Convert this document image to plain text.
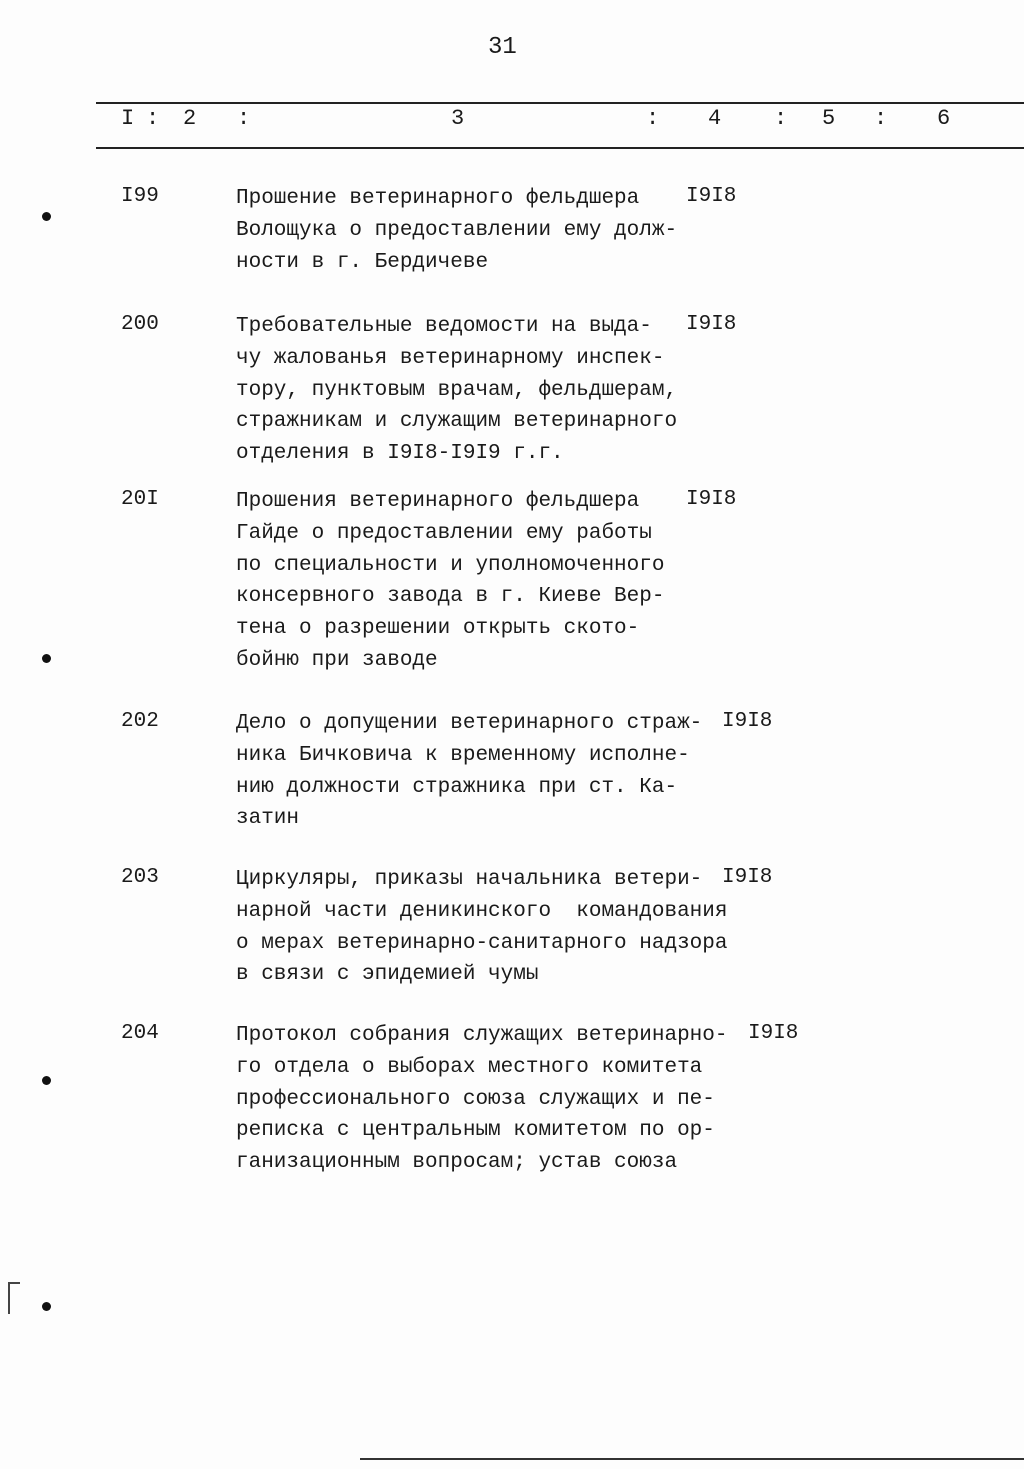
31
I : 2 :	3	: 4 : 5 : 6
I99	Прошение ветеринарного фельдшера
Волощука о предоставлении ему долж-
ности в г. Бердичеве
I9I8
200	Требовательные ведомости на выда-
чу жалованья ветеринарному инспек-
тору, пунктовым врачам, фельдшерам,
стражникам и служащим ветеринарного
отделения в I9I8-I9I9 г.г.
I9I8
20I	Прошения ветеринарного фельдшера
Гайде о предоставлении ему работы
по специальности и уполномоченного
консервного завода в г. Киеве Вер-
тена о разрешении открыть ското-
бойню при заводе
I9I8
202	Дело о допущении ветеринарного страж-
ника Бичковича к временному исполне-
нию должности стражника при ст. Ка-
затин
I9I8
203	Циркуляры, приказы начальника ветери-
нарной части деникинского  командования
о мерах ветеринарно-санитарного надзора
в связи с эпидемией чумы
I9I8
204	Протокол собрания служащих ветеринарно-
го отдела о выборах местного комитета
профессионального союза служащих и пе-
реписка с центральным комитетом по ор-
ганизационным вопросам; устав союза
I9I8
